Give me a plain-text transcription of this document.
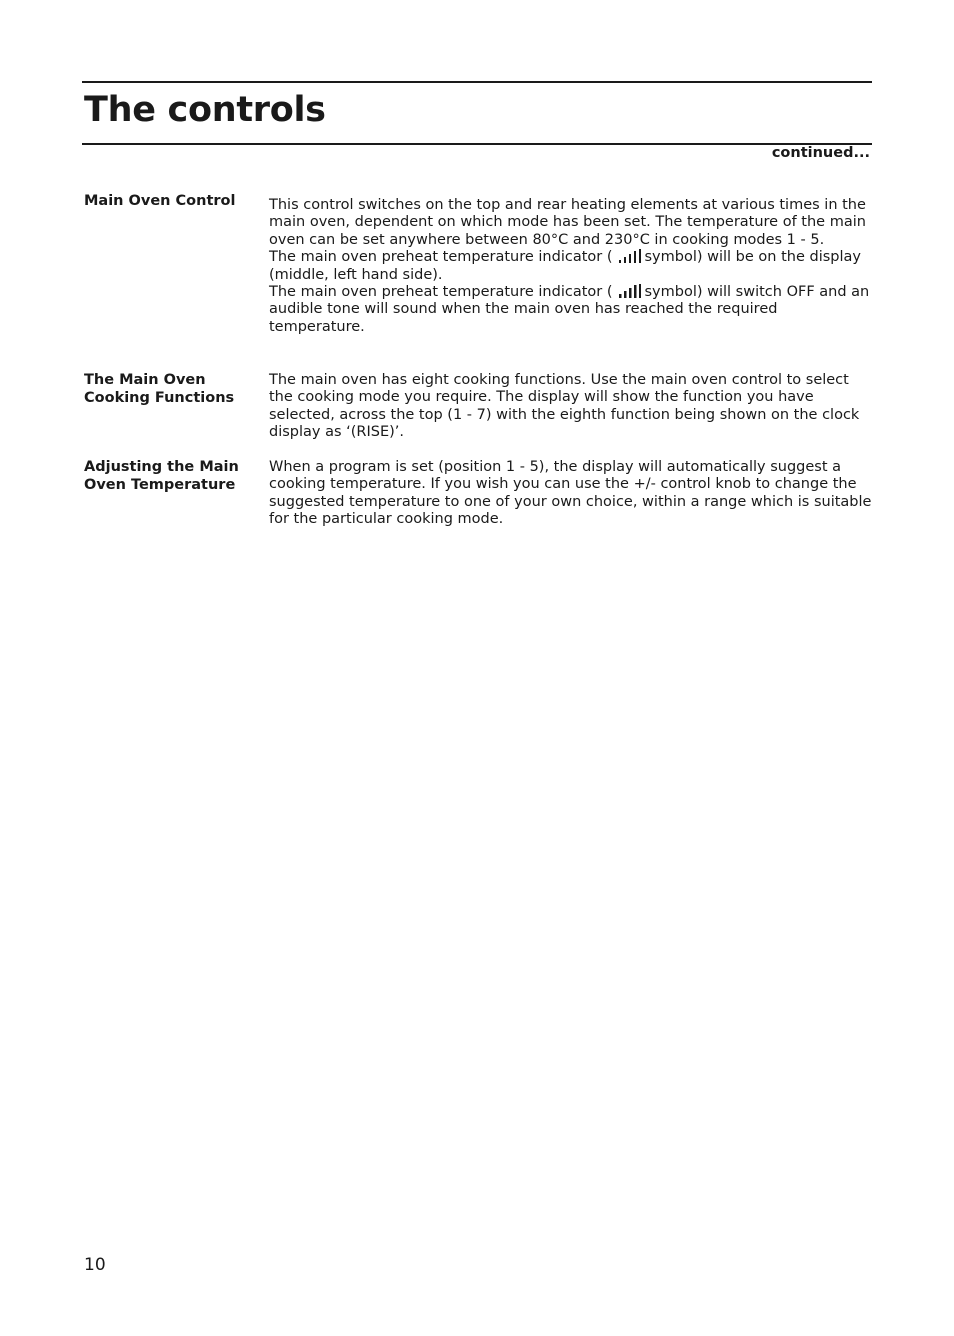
The controls
continued...
Main Oven Control	This control switches on the top and rear heating elements at various times in the main oven, dependent on which mode has been set. The temperature of the main oven can be set anywhere between 80°C and 230°C in cooking modes 1 - 5.
The main oven preheat temperature indicator ( symbol) will be on the display (middle, left hand side).
The main oven preheat temperature indicator ( symbol) will switch OFF and an audible tone will sound when the main oven has reached the required temperature.
The Main Oven Cooking Functions
The main oven has eight cooking functions. Use the main oven control to select the cooking mode you require. The display will show the function you have selected, across the top (1 - 7) with the eighth function being shown on the clock display as ‘(RISE)’.
Adjusting the Main Oven Temperature
When a program is set (position 1 - 5), the display will automatically suggest a cooking temperature. If you wish you can use the +/- control knob to change the suggested temperature to one of your own choice, within a range which is suitable for the particular cooking mode.
10
